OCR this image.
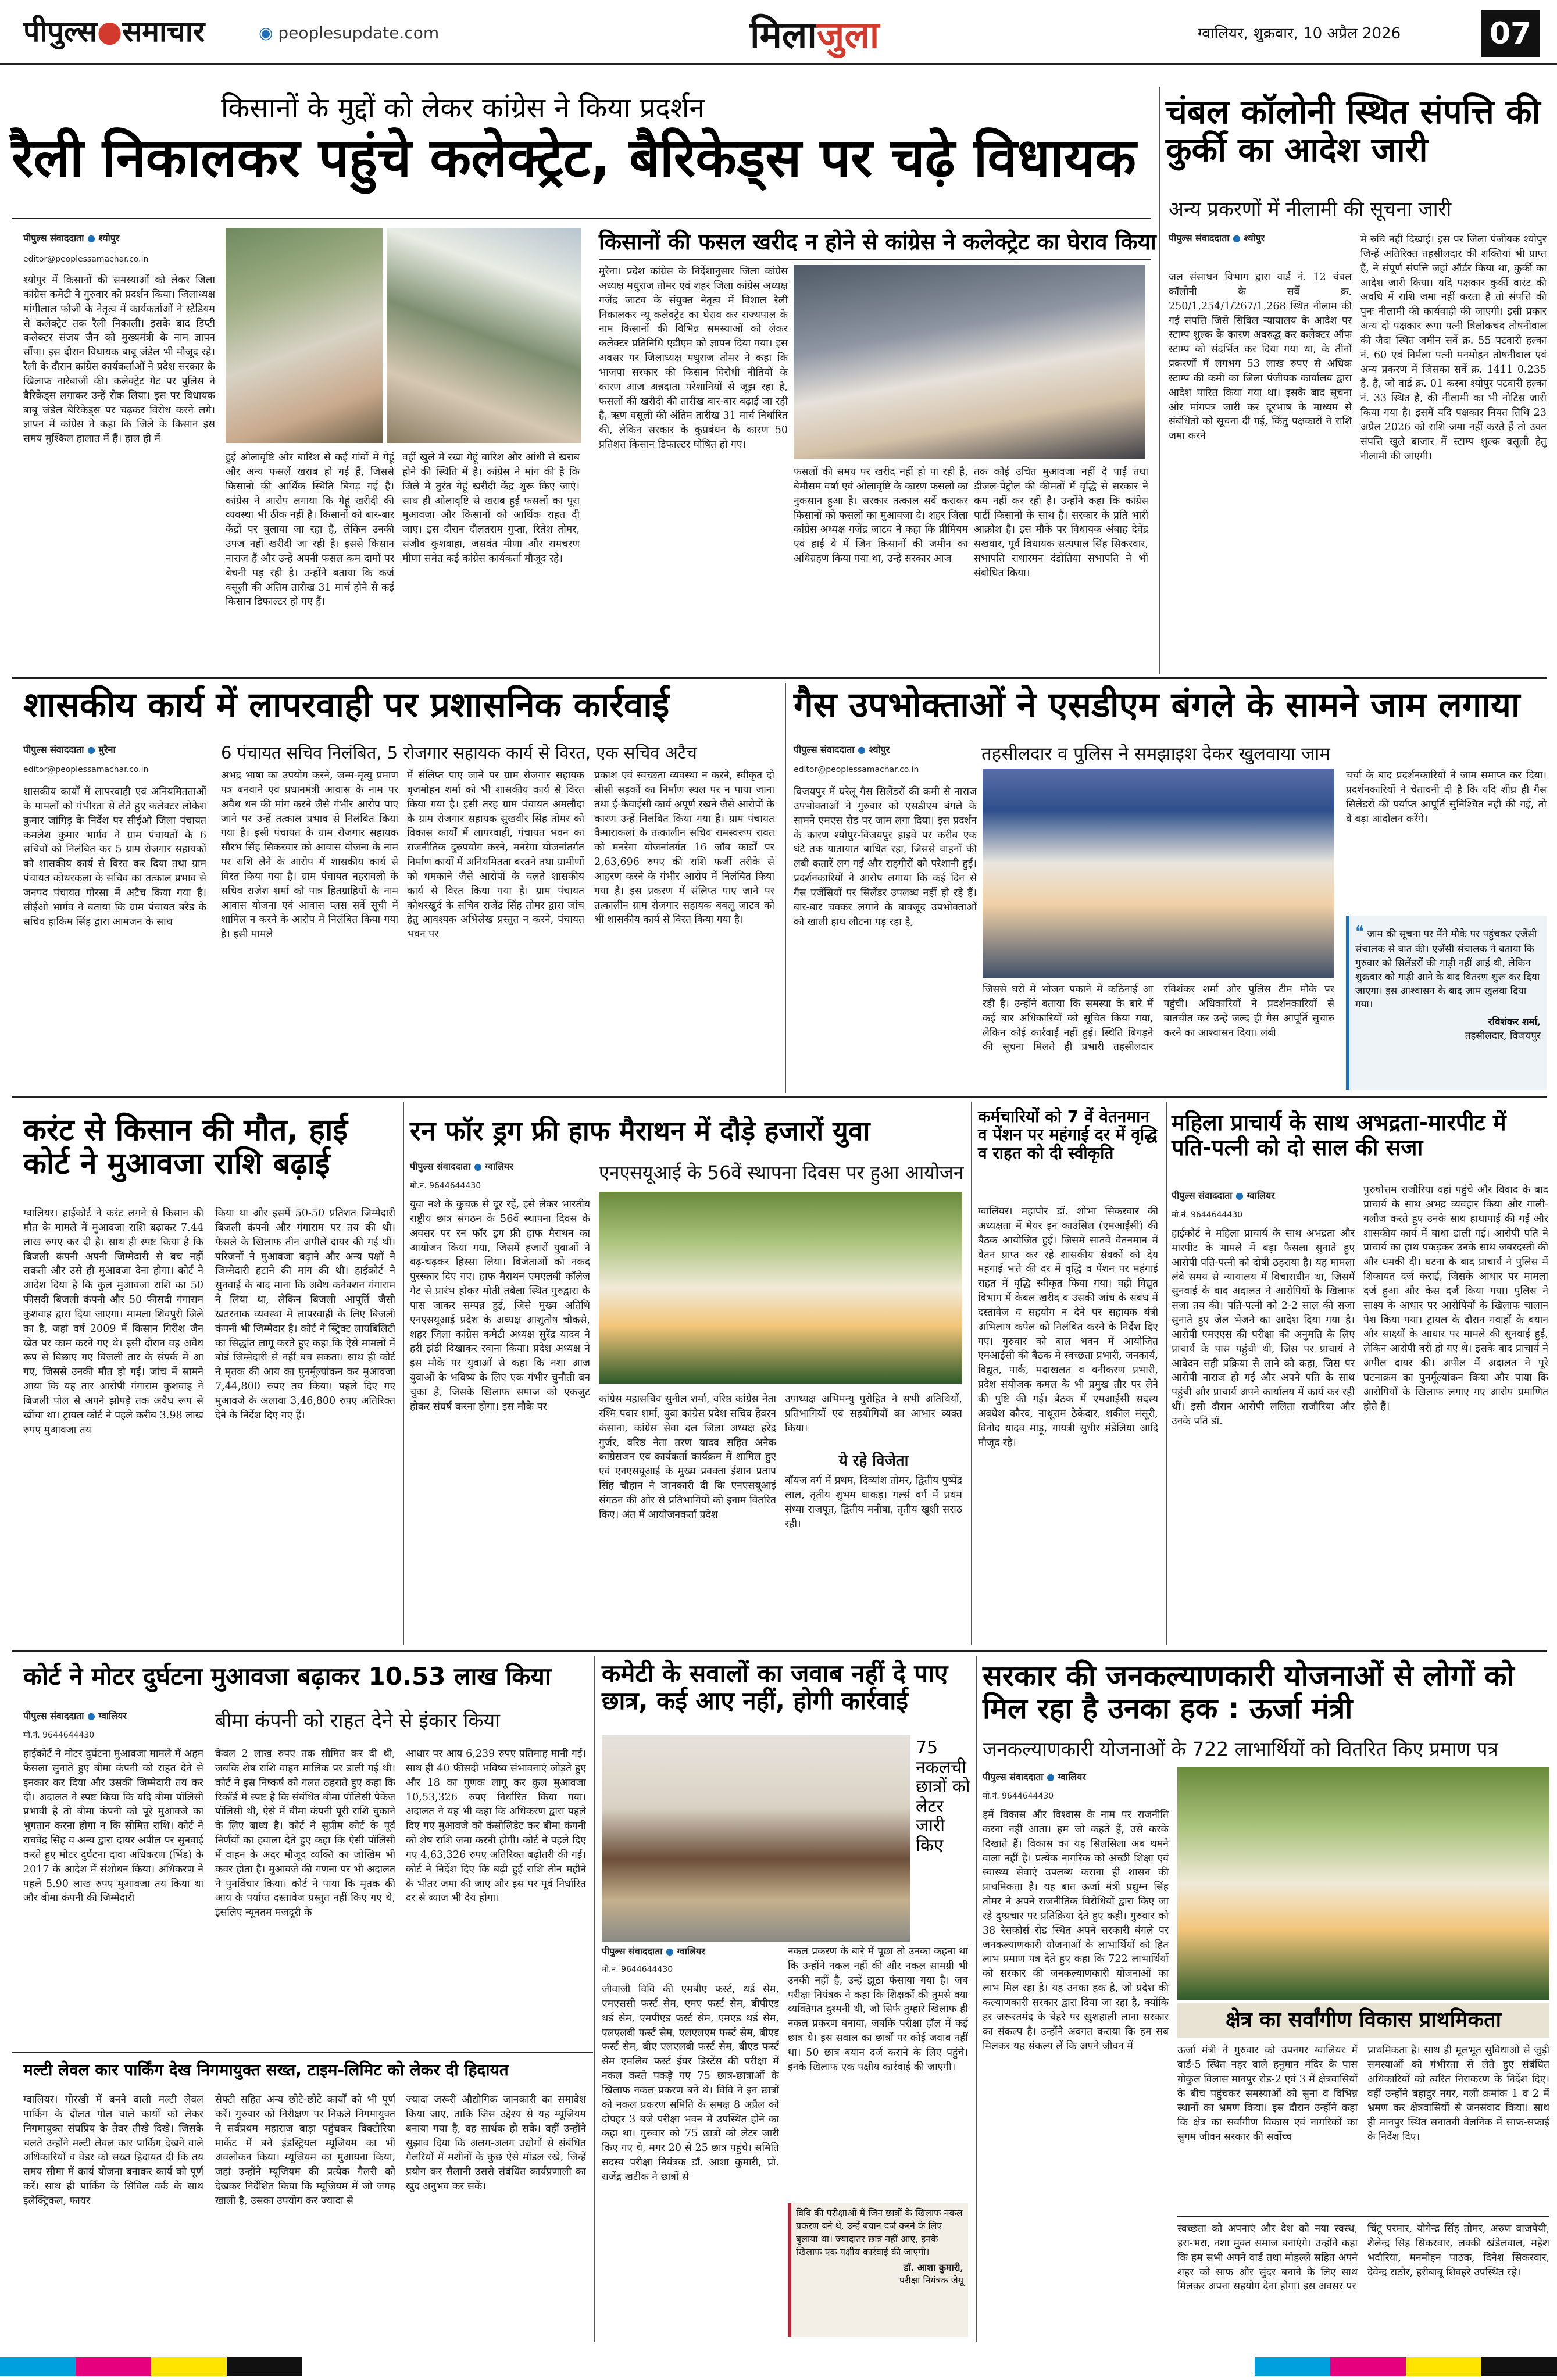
पीपुल्स●समाचार	◉ peoplesupdate.com	मिलाजुला	ग्वालियर, शुक्रवार, 10 अप्रैल 2026	07
किसानों के मुद्दों को लेकर कांग्रेस ने किया प्रदर्शन
रैली निकालकर पहुंचे कलेक्ट्रेट, बैरिकेड्स पर चढ़े विधायक
पीपुल्स संवाददाता ● श्योपुर
editor@peoplessamachar.co.in
श्योपुर में किसानों की समस्याओं को लेकर जिला कांग्रेस कमेटी ने गुरुवार को प्रदर्शन किया। जिलाध्यक्ष मांगीलाल फौजी के नेतृत्व में कार्यकर्ताओं ने स्टेडियम से कलेक्ट्रेट तक रैली निकाली। इसके बाद डिप्टी कलेक्टर संजय जैन को मुख्यमंत्री के नाम ज्ञापन सौंपा। इस दौरान विधायक बाबू जंडेल भी मौजूद रहे। रैली के दौरान कांग्रेस कार्यकर्ताओं ने प्रदेश सरकार के खिलाफ नारेबाजी की। कलेक्ट्रेट गेट पर पुलिस ने बैरिकेड्स लगाकर उन्हें रोक लिया। इस पर विधायक बाबू जंडेल बैरिकेड्स पर चढ़कर विरोध करने लगे। ज्ञापन में कांग्रेस ने कहा कि जिले के किसान इस समय मुश्किल हालात में हैं। हाल ही में
हुई ओलावृष्टि और बारिश से कई गांवों में गेहूं और अन्य फसलें खराब हो गई हैं, जिससे किसानों की आर्थिक स्थिति बिगड़ गई है। कांग्रेस ने आरोप लगाया कि गेहूं खरीदी की व्यवस्था भी ठीक नहीं है। किसानों को बार-बार केंद्रों पर बुलाया जा रहा है, लेकिन उनकी उपज नहीं खरीदी जा रही है। इससे किसान नाराज हैं और उन्हें अपनी फसल कम दामों पर बेचनी पड़ रही है। उन्होंने बताया कि कर्ज वसूली की अंतिम तारीख 31 मार्च होने से कई किसान डिफाल्टर हो गए हैं।
वहीं खुले में रखा गेहूं बारिश और आंधी से खराब होने की स्थिति में है। कांग्रेस ने मांग की है कि जिले में तुरंत गेहूं खरीदी केंद्र शुरू किए जाएं। साथ ही ओलावृष्टि से खराब हुई फसलों का पूरा मुआवजा और किसानों को आर्थिक राहत दी जाए। इस दौरान दौलतराम गुप्ता, रितेश तोमर, संजीव कुशवाहा, जसवंत मीणा और रामचरण मीणा समेत कई कांग्रेस कार्यकर्ता मौजूद रहे।
किसानों की फसल खरीद न होने से कांग्रेस ने कलेक्ट्रेट का घेराव किया
मुरैना। प्रदेश कांग्रेस के निर्देशानुसार जिला कांग्रेस अध्यक्ष मधुराज तोमर एवं शहर जिला कांग्रेस अध्यक्ष गजेंद्र जाटव के संयुक्त नेतृत्व में विशाल रैली निकालकर न्यू कलेक्ट्रेट का घेराव कर राज्यपाल के नाम किसानों की विभिन्न समस्याओं को लेकर कलेक्टर प्रतिनिधि एडीएम को ज्ञापन दिया गया। इस अवसर पर जिलाध्यक्ष मधुराज तोमर ने कहा कि भाजपा सरकार की किसान विरोधी नीतियों के कारण आज अन्नदाता परेशानियों से जूझ रहा है, फसलों की खरीदी की तारीख बार-बार बढ़ाई जा रही है, ऋण वसूली की अंतिम तारीख 31 मार्च निर्धारित की, लेकिन सरकार के कुप्रबंधन के कारण 50 प्रतिशत किसान डिफाल्टर घोषित हो गए।
फसलों की समय पर खरीद नहीं हो पा रही है, बेमौसम वर्षा एवं ओलावृष्टि के कारण फसलों का नुकसान हुआ है। सरकार तत्काल सर्वे कराकर किसानों को फसलों का मुआवजा दे। शहर जिला कांग्रेस अध्यक्ष गजेंद्र जाटव ने कहा कि प्रीमियम एवं हाई वे में जिन किसानों की जमीन का अधिग्रहण किया गया था, उन्हें सरकार आज
तक कोई उचित मुआवजा नहीं दे पाई तथा डीजल-पेट्रोल की कीमतों में वृद्धि से सरकार ने कम नहीं कर रही है। उन्होंने कहा कि कांग्रेस पार्टी किसानों के साथ है। सरकार के प्रति भारी आक्रोश है। इस मौके पर विधायक अंबाह देवेंद्र सखवार, पूर्व विधायक सत्यपाल सिंह सिकरवार, सभापति राधारमन दंडोतिया सभापति ने भी संबोधित किया।
चंबल कॉलोनी स्थित संपत्ति की कुर्की का आदेश जारी
अन्य प्रकरणों में नीलामी की सूचना जारी
पीपुल्स संवाददाता ● श्योपुर
जल संसाधन विभाग द्वारा वार्ड नं. 12 चंबल कॉलोनी के सर्वे क्र. 250/1,254/1/267/1,268 स्थित नीलाम की गई संपत्ति जिसे सिविल न्यायालय के आदेश पर स्टाम्प शुल्क के कारण अवरुद्ध कर कलेक्टर ऑफ स्टाम्प को संदर्भित कर दिया गया था, के तीनों प्रकरणों में लगभग 53 लाख रुपए से अधिक स्टाम्प की कमी का जिला पंजीयक कार्यालय द्वारा आदेश पारित किया गया था। इसके बाद सूचना और मांगपत्र जारी कर दूरभाष के माध्यम से संबंधितों को सूचना दी गई, किंतु पक्षकारों ने राशि जमा करने
में रुचि नहीं दिखाई। इस पर जिला पंजीयक श्योपुर जिन्हें अतिरिक्त तहसीलदार की शक्तियां भी प्राप्त हैं, ने संपूर्ण संपत्ति जहां ऑर्डर किया था, कुर्की का आदेश जारी किया। यदि पक्षकार कुर्की वारंट की अवधि में राशि जमा नहीं करता है तो संपत्ति की पुनः नीलामी की कार्यवाही की जाएगी। इसी प्रकार अन्य दो पक्षकार रूपा पत्नी त्रिलोकचंद तोषनीवाल की जैदा स्थित जमीन सर्वे क्र. 55 पटवारी हल्का नं. 60 एवं निर्मला पत्नी मनमोहन तोषनीवाल एवं अन्य प्रकरण में जिसका सर्वे क्र. 1411 0.235 है. है, जो वार्ड क्र. 01 कस्बा श्योपुर पटवारी हल्का नं. 33 स्थित है, की नीलामी का भी नोटिस जारी किया गया है। इसमें यदि पक्षकार नियत तिथि 23 अप्रैल 2026 को राशि जमा नहीं करते हैं तो उक्त संपत्ति खुले बाजार में स्टाम्प शुल्क वसूली हेतु नीलामी की जाएगी।
शासकीय कार्य में लापरवाही पर प्रशासनिक कार्रवाई
पीपुल्स संवाददाता ● मुरैना
editor@peoplessamachar.co.in
6 पंचायत सचिव निलंबित, 5 रोजगार सहायक कार्य से विरत, एक सचिव अटैच
शासकीय कार्यों में लापरवाही एवं अनियमितताओं के मामलों को गंभीरता से लेते हुए कलेक्टर लोकेश कुमार जांगिड़ के निर्देश पर सीईओ जिला पंचायत कमलेश कुमार भार्गव ने ग्राम पंचायतों के 6 सचिवों को निलंबित कर 5 ग्राम रोजगार सहायकों को शासकीय कार्य से विरत कर दिया तथा ग्राम पंचायत कोथरकला के सचिव का तत्काल प्रभाव से जनपद पंचायत पोरसा में अटैच किया गया है। सीईओ भार्गव ने बताया कि ग्राम पंचायत बरैंड के सचिव हाकिम सिंह द्वारा आमजन के साथ
अभद्र भाषा का उपयोग करने, जन्म-मृत्यु प्रमाण पत्र बनवाने एवं प्रधानमंत्री आवास के नाम पर अवैध धन की मांग करने जैसे गंभीर आरोप पाए जाने पर उन्हें तत्काल प्रभाव से निलंबित किया गया है। इसी पंचायत के ग्राम रोजगार सहायक सौरभ सिंह सिकरवार को आवास योजना के नाम पर राशि लेने के आरोप में शासकीय कार्य से विरत किया गया है। ग्राम पंचायत नहरावली के सचिव राजेश शर्मा को पात्र हितग्राहियों के नाम आवास योजना एवं आवास प्लस सर्वे सूची में शामिल न करने के आरोप में निलंबित किया गया है। इसी मामले
में संलिप्त पाए जाने पर ग्राम रोजगार सहायक बृजमोहन शर्मा को भी शासकीय कार्य से विरत किया गया है। इसी तरह ग्राम पंचायत अमलौदा के ग्राम रोजगार सहायक सुखवीर सिंह तोमर को विकास कार्यों में लापरवाही, पंचायत भवन का राजनीतिक दुरुपयोग करने, मनरेगा योजनांतर्गत निर्माण कार्यों में अनियमितता बरतने तथा ग्रामीणों को धमकाने जैसे आरोपों के चलते शासकीय कार्य से विरत किया गया है। ग्राम पंचायत कोथरखुर्द के सचिव राजेंद्र सिंह तोमर द्वारा जांच हेतु आवश्यक अभिलेख प्रस्तुत न करने, पंचायत भवन पर
प्रकाश एवं स्वच्छता व्यवस्था न करने, स्वीकृत दो सीसी सड़कों का निर्माण स्थल पर न पाया जाना तथा ई-केवाईसी कार्य अपूर्ण रखने जैसे आरोपों के कारण उन्हें निलंबित किया गया है। ग्राम पंचायत कैमाराकलां के तत्कालीन सचिव रामस्वरूप रावत को मनरेगा योजनांतर्गत 16 जॉब कार्डों पर 2,63,696 रुपए की राशि फर्जी तरीके से आहरण करने के गंभीर आरोप में निलंबित किया गया है। इस प्रकरण में संलिप्त पाए जाने पर तत्कालीन ग्राम रोजगार सहायक बबलू जाटव को भी शासकीय कार्य से विरत किया गया है।
गैस उपभोक्ताओं ने एसडीएम बंगले के सामने जाम लगाया
पीपुल्स संवाददाता ● श्योपुर
editor@peoplessamachar.co.in
तहसीलदार व पुलिस ने समझाइश देकर खुलवाया जाम
विजयपुर में घरेलू गैस सिलेंडरों की कमी से नाराज उपभोक्ताओं ने गुरुवार को एसडीएम बंगले के सामने एमएस रोड पर जाम लगा दिया। इस प्रदर्शन के कारण श्योपुर-विजयपुर हाइवे पर करीब एक घंटे तक यातायात बाधित रहा, जिससे वाहनों की लंबी कतारें लग गईं और राहगीरों को परेशानी हुई। प्रदर्शनकारियों ने आरोप लगाया कि कई दिन से गैस एजेंसियों पर सिलेंडर उपलब्ध नहीं हो रहे हैं। बार-बार चक्कर लगाने के बावजूद उपभोक्ताओं को खाली हाथ लौटना पड़ रहा है,
जिससे घरों में भोजन पकाने में कठिनाई आ रही है। उन्होंने बताया कि समस्या के बारे में कई बार अधिकारियों को सूचित किया गया, लेकिन कोई कार्रवाई नहीं हुई। स्थिति बिगड़ने की सूचना मिलते ही प्रभारी तहसीलदार रविशंकर शर्मा और पुलिस टीम मौके पर पहुंची। अधिकारियों ने प्रदर्शनकारियों से बातचीत कर उन्हें जल्द ही गैस आपूर्ति सुचारु करने का आश्वासन दिया। लंबी
चर्चा के बाद प्रदर्शनकारियों ने जाम समाप्त कर दिया। प्रदर्शनकारियों ने चेतावनी दी है कि यदि शीघ्र ही गैस सिलेंडरों की पर्याप्त आपूर्ति सुनिश्चित नहीं की गई, तो वे बड़ा आंदोलन करेंगे।
❝ जाम की सूचना पर मैंने मौके पर पहुंचकर एजेंसी संचालक से बात की। एजेंसी संचालक ने बताया कि गुरुवार को सिलेंडरों की गाड़ी नहीं आई थी, लेकिन शुक्रवार को गाड़ी आने के बाद वितरण शुरू कर दिया जाएगा। इस आश्वासन के बाद जाम खुलवा दिया गया।
रविशंकर शर्मा,
तहसीलदार, विजयपुर
करंट से किसान की मौत, हाई कोर्ट ने मुआवजा राशि बढ़ाई
ग्वालियर। हाईकोर्ट ने करंट लगने से किसान की मौत के मामले में मुआवजा राशि बढ़ाकर 7.44 लाख रुपए कर दी है। साथ ही स्पष्ट किया है कि बिजली कंपनी अपनी जिम्मेदारी से बच नहीं सकती और उसे ही मुआवजा देना होगा। कोर्ट ने आदेश दिया है कि कुल मुआवजा राशि का 50 फीसदी बिजली कंपनी और 50 फीसदी गंगाराम कुशवाह द्वारा दिया जाएगा। मामला शिवपुरी जिले का है, जहां वर्ष 2009 में किसान गिरीश जैन खेत पर काम करने गए थे। इसी दौरान वह अवैध रूप से बिछाए गए बिजली तार के संपर्क में आ गए, जिससे उनकी मौत हो गई। जांच में सामने आया कि यह तार आरोपी गंगाराम कुशवाह ने बिजली पोल से अपने झोपड़े तक अवैध रूप से खींचा था। ट्रायल कोर्ट ने पहले करीब 3.98 लाख रुपए मुआवजा तय
किया था और इसमें 50-50 प्रतिशत जिम्मेदारी बिजली कंपनी और गंगाराम पर तय की थी। फैसले के खिलाफ तीन अपीलें दायर की गई थीं। परिजनों ने मुआवजा बढ़ाने और अन्य पक्षों ने जिम्मेदारी हटाने की मांग की थी। हाईकोर्ट ने सुनवाई के बाद माना कि अवैध कनेक्शन गंगाराम ने लिया था, लेकिन बिजली आपूर्ति जैसी खतरनाक व्यवस्था में लापरवाही के लिए बिजली कंपनी भी जिम्मेदार है। कोर्ट ने स्ट्रिक्ट लायबिलिटी का सिद्धांत लागू करते हुए कहा कि ऐसे मामलों में बोर्ड जिम्मेदारी से नहीं बच सकता। साथ ही कोर्ट ने मृतक की आय का पुनर्मूल्यांकन कर मुआवजा 7,44,800 रुपए तय किया। पहले दिए गए मुआवजे के अलावा 3,46,800 रुपए अतिरिक्त देने के निर्देश दिए गए हैं।
रन फॉर ड्रग फ्री हाफ मैराथन में दौड़े हजारों युवा
पीपुल्स संवाददाता ● ग्वालियर
मो.नं. 9644644430
एनएसयूआई के 56वें स्थापना दिवस पर हुआ आयोजन
युवा नशे के कुचक्र से दूर रहें, इसे लेकर भारतीय राष्ट्रीय छात्र संगठन के 56वें स्थापना दिवस के अवसर पर रन फॉर ड्रग फ्री हाफ मैराथन का आयोजन किया गया, जिसमें हजारों युवाओं ने बढ़-चढ़कर हिस्सा लिया। विजेताओं को नकद पुरस्कार दिए गए। हाफ मैराथन एमएलबी कॉलेज गेट से प्रारंभ होकर मोती तबेला स्थित गुरुद्वारा के पास जाकर सम्पन्न हुई, जिसे मुख्य अतिथि एनएसयूआई प्रदेश के अध्यक्ष आशुतोष चौकसे, शहर जिला कांग्रेस कमेटी अध्यक्ष सुरेंद्र यादव ने हरी झंडी दिखाकर रवाना किया। प्रदेश अध्यक्ष ने इस मौके पर युवाओं से कहा कि नशा आज युवाओं के भविष्य के लिए एक गंभीर चुनौती बन चुका है, जिसके खिलाफ समाज को एकजुट होकर संघर्ष करना होगा। इस मौके पर
कांग्रेस महासचिव सुनील शर्मा, वरिष्ठ कांग्रेस नेता रश्मि पवार शर्मा, युवा कांग्रेस प्रदेश सचिव हेवरन कंसाना, कांग्रेस सेवा दल जिला अध्यक्ष हरेंद्र गुर्जर, वरिष्ठ नेता तरण यादव सहित अनेक कांग्रेसजन एवं कार्यकर्ता कार्यक्रम में शामिल हुए एवं एनएसयूआई के मुख्य प्रवक्ता ईशान प्रताप सिंह चौहान ने जानकारी दी कि एनएसयूआई संगठन की ओर से प्रतिभागियों को इनाम वितरित किए। अंत में आयोजनकर्ता प्रदेश
उपाध्यक्ष अभिमन्यु पुरोहित ने सभी अतिथियों, प्रतिभागियों एवं सहयोगियों का आभार व्यक्त किया।
ये रहे विजेता
बॉयज वर्ग में प्रथम, दिव्यांश तोमर, द्वितीय पुष्पेंद्र लाल, तृतीय शुभम धाकड़। गर्ल्स वर्ग में प्रथम संध्या राजपूत, द्वितीय मनीषा, तृतीय खुशी सराठ रही।
कर्मचारियों को 7 वें वेतनमान व पेंशन पर महंगाई दर में वृद्धि व राहत को दी स्वीकृति
ग्वालियर। महापौर डॉ. शोभा सिकरवार की अध्यक्षता में मेयर इन काउंसिल (एमआईसी) की बैठक आयोजित हुई। जिसमें सातवें वेतनमान में वेतन प्राप्त कर रहे शासकीय सेवकों को देय महंगाई भत्ते की दर में वृद्धि व पेंशन पर महंगाई राहत में वृद्धि स्वीकृत किया गया। वहीं विद्युत विभाग में केबल खरीद व उसकी जांच के संबंध में दस्तावेज व सहयोग न देने पर सहायक यंत्री अभिलाष कपेल को निलंबित करने के निर्देश दिए गए। गुरुवार को बाल भवन में आयोजित एमआईसी की बैठक में स्वच्छता प्रभारी, जनकार्य, विद्युत, पार्क, मदाखलत व वनीकरण प्रभारी, प्रदेश संयोजक कमल के भी प्रमुख तौर पर लेने की पुष्टि की गई। बैठक में एमआईसी सदस्य अवधेश कौरव, नाथूराम ठेकेदार, शकील मंसूरी, विनोद यादव माड़ू, गायत्री सुधीर मंडेलिया आदि मौजूद रहे।
महिला प्राचार्य के साथ अभद्रता-मारपीट में पति-पत्नी को दो साल की सजा
पीपुल्स संवाददाता ● ग्वालियर
मो.नं. 9644644430
हाईकोर्ट ने महिला प्राचार्य के साथ अभद्रता और मारपीट के मामले में बड़ा फैसला सुनाते हुए आरोपी पति-पत्नी को दोषी ठहराया है। यह मामला लंबे समय से न्यायालय में विचाराधीन था, जिसमें सुनवाई के बाद अदालत ने आरोपियों के खिलाफ सजा तय की। पति-पत्नी को 2-2 साल की सजा सुनाते हुए जेल भेजने का आदेश दिया गया है। आरोपी एमएएस की परीक्षा की अनुमति के लिए प्राचार्य के पास पहुंची थी, जिस पर प्राचार्य ने आवेदन सही प्रक्रिया से लाने को कहा, जिस पर आरोपी नाराज हो गई और अपने पति के साथ पहुंची और प्राचार्य अपने कार्यालय में कार्य कर रही थीं। इसी दौरान आरोपी ललिता राजौरिया और उनके पति डॉ.
पुरुषोत्तम राजौरिया वहां पहुंचे और विवाद के बाद प्राचार्य के साथ अभद्र व्यवहार किया और गाली-गलौज करते हुए उनके साथ हाथापाई की गई और शासकीय कार्य में बाधा डाली गई। आरोपी पति ने प्राचार्य का हाथ पकड़कर उनके साथ जबरदस्ती की और धमकी दी। घटना के बाद प्राचार्य ने पुलिस में शिकायत दर्ज कराई, जिसके आधार पर मामला दर्ज हुआ और केस दर्ज किया गया। पुलिस ने साक्ष्य के आधार पर आरोपियों के खिलाफ चालान पेश किया गया। ट्रायल के दौरान गवाहों के बयान और साक्ष्यों के आधार पर मामले की सुनवाई हुई, लेकिन आरोपी बरी हो गए थे। इसके बाद प्राचार्य ने अपील दायर की। अपील में अदालत ने पूरे घटनाक्रम का पुनर्मूल्यांकन किया और पाया कि आरोपियों के खिलाफ लगाए गए आरोप प्रमाणित होते हैं।
कोर्ट ने मोटर दुर्घटना मुआवजा बढ़ाकर 10.53 लाख किया
पीपुल्स संवाददाता ● ग्वालियर
मो.नं. 9644644430
बीमा कंपनी को राहत देने से इंकार किया
हाईकोर्ट ने मोटर दुर्घटना मुआवजा मामले में अहम फैसला सुनाते हुए बीमा कंपनी को राहत देने से इनकार कर दिया और उसकी जिम्मेदारी तय कर दी। अदालत ने स्पष्ट किया कि यदि बीमा पॉलिसी प्रभावी है तो बीमा कंपनी को पूरे मुआवजे का भुगतान करना होगा न कि सीमित राशि। कोर्ट ने राघवेंद्र सिंह व अन्य द्वारा दायर अपील पर सुनवाई करते हुए मोटर दुर्घटना दावा अधिकरण (भिंड) के 2017 के आदेश में संशोधन किया। अधिकरण ने पहले 5.90 लाख रुपए मुआवजा तय किया था और बीमा कंपनी की जिम्मेदारी
केवल 2 लाख रुपए तक सीमित कर दी थी, जबकि शेष राशि वाहन मालिक पर डाली गई थी। कोर्ट ने इस निष्कर्ष को गलत ठहराते हुए कहा कि रिकॉर्ड में स्पष्ट है कि संबंधित बीमा पॉलिसी पैकेज पॉलिसी थी, ऐसे में बीमा कंपनी पूरी राशि चुकाने के लिए बाध्य है। कोर्ट ने सुप्रीम कोर्ट के पूर्व निर्णयों का हवाला देते हुए कहा कि ऐसी पॉलिसी में वाहन के अंदर मौजूद व्यक्ति का जोखिम भी कवर होता है। मुआवजे की गणना पर भी अदालत ने पुनर्विचार किया। कोर्ट ने पाया कि मृतक की आय के पर्याप्त दस्तावेज प्रस्तुत नहीं किए गए थे, इसलिए न्यूनतम मजदूरी के
आधार पर आय 6,239 रुपए प्रतिमाह मानी गई। साथ ही 40 फीसदी भविष्य संभावनाएं जोड़ते हुए और 18 का गुणक लागू कर कुल मुआवजा 10,53,326 रुपए निर्धारित किया गया। अदालत ने यह भी कहा कि अधिकरण द्वारा पहले दिए गए मुआवजे को कंसोलिडेट कर बीमा कंपनी को शेष राशि जमा करनी होगी। कोर्ट ने पहले दिए गए 4,63,326 रुपए अतिरिक्त बढ़ोतरी की गई। कोर्ट ने निर्देश दिए कि बढ़ी हुई राशि तीन महीने के भीतर जमा की जाए और इस पर पूर्व निर्धारित दर से ब्याज भी देय होगा।
मल्टी लेवल कार पार्किंग देख निगमायुक्त सख्त, टाइम-लिमिट को लेकर दी हिदायत
ग्वालियर। गोरखी में बनने वाली मल्टी लेवल पार्किंग के दौलत पोल वाले कार्यों को लेकर निगमायुक्त संघप्रिय के तेवर तीखे दिखे। जिसके चलते उन्होंने मल्टी लेवल कार पार्किंग देखने वाले अधिकारियों व वेंडर को सख्त हिदायत दी कि तय समय सीमा में कार्य योजना बनाकर कार्य को पूर्ण करें। साथ ही पार्किंग के सिविल वर्क के साथ इलेक्ट्रिकल, फायर
सेफ्टी सहित अन्य छोटे-छोटे कार्यों को भी पूर्ण करें। गुरुवार को निरीक्षण पर निकले निगमायुक्त ने सर्वप्रथम महाराज बाड़ा पहुंचकर विक्टोरिया मार्केट में बने इंडस्ट्रियल म्यूजियम का भी अवलोकन किया। म्यूजियम का मुआयना किया, जहां उन्होंने म्यूजियम की प्रत्येक गैलरी को देखकर निर्देशित किया कि म्यूजियम में जो जगह खाली है, उसका उपयोग कर ज्यादा से
ज्यादा जरूरी औद्योगिक जानकारी का समावेश किया जाए, ताकि जिस उद्देश्य से यह म्यूजियम बनाया गया है, वह सार्थक हो सके। वहीं उन्होंने सुझाव दिया कि अलग-अलग उद्योगों से संबंधित गैलरियों में मशीनों के कुछ ऐसे मॉडल रखे, जिन्हें प्रयोग कर सैलानी उससे संबंधित कार्यप्रणाली का खुद अनुभव कर सकें।
कमेटी के सवालों का जवाब नहीं दे पाए छात्र, कई आए नहीं, होगी कार्रवाई
75 नकलची छात्रों को लेटर जारी किए
पीपुल्स संवाददाता ● ग्वालियर
मो.नं. 9644644430
जीवाजी विवि की एमबीए फर्स्ट, थर्ड सेम, एमएससी फर्स्ट सेम, एमए फर्स्ट सेम, बीपीएड थर्ड सेम, एमपीएड फर्स्ट सेम, एमएड थर्ड सेम, एलएलबी फर्स्ट सेम, एलएलएम फर्स्ट सेम, बीएड फर्स्ट सेम, बीए एलएलबी फर्स्ट सेम, बीएड फर्स्ट सेम एमलिब फर्स्ट ईयर डिस्टेंस की परीक्षा में नकल करते पकड़े गए 75 छात्र-छात्राओं के खिलाफ नकल प्रकरण बने थे। विवि ने इन छात्रों को नकल प्रकरण समिति के समक्ष 8 अप्रैल को दोपहर 3 बजे परीक्षा भवन में उपस्थित होने का कहा था। गुरुवार को 75 छात्रों को लेटर जारी किए गए थे, मगर 20 से 25 छात्र पहुंचे। समिति सदस्य परीक्षा नियंत्रक डॉ. आशा कुमारी, प्रो. राजेंद्र खटीक ने छात्रों से
नकल प्रकरण के बारे में पूछा तो उनका कहना था कि उन्होंने नकल नहीं की और नकल सामग्री भी उनकी नहीं है, उन्हें झूठा फंसाया गया है। जब परीक्षा नियंत्रक ने कहा कि शिक्षकों की तुमसे क्या व्यक्तिगत दुश्मनी थी, जो सिर्फ तुम्हारे खिलाफ ही नकल प्रकरण बनाया, जबकि परीक्षा हॉल में कई छात्र थे। इस सवाल का छात्रों पर कोई जवाब नहीं था। 50 छात्र बयान दर्ज कराने के लिए पहुंचे। इनके खिलाफ एक पक्षीय कार्रवाई की जाएगी।
विवि की परीक्षाओं में जिन छात्रों के खिलाफ नकल प्रकरण बने थे, उन्हें बयान दर्ज करने के लिए बुलाया था। ज्यादातर छात्र नहीं आए, इनके खिलाफ एक पक्षीय कार्रवाई की जाएगी।
डॉ. आशा कुमारी,
परीक्षा नियंत्रक जेयू
सरकार की जनकल्याणकारी योजनाओं से लोगों को मिल रहा है उनका हक : ऊर्जा मंत्री
जनकल्याणकारी योजनाओं के 722 लाभार्थियों को वितरित किए प्रमाण पत्र
पीपुल्स संवाददाता ● ग्वालियर
मो.नं. 9644644430
हमें विकास और विश्वास के नाम पर राजनीति करना नहीं आता। हम जो कहते हैं, उसे करके दिखाते हैं। विकास का यह सिलसिला अब थमने वाला नहीं है। प्रत्येक नागरिक को अच्छी शिक्षा एवं स्वास्थ्य सेवाएं उपलब्ध कराना ही शासन की प्राथमिकता है। यह बात ऊर्जा मंत्री प्रद्युम्न सिंह तोमर ने अपने राजनीतिक विरोधियों द्वारा किए जा रहे दुष्प्रचार पर प्रतिक्रिया देते हुए कही। गुरुवार को 38 रेसकोर्स रोड स्थित अपने सरकारी बंगले पर जनकल्याणकारी योजनाओं के लाभार्थियों को हित लाभ प्रमाण पत्र देते हुए कहा कि 722 लाभार्थियों को सरकार की जनकल्याणकारी योजनाओं का लाभ मिल रहा है। यह उनका हक है, जो प्रदेश की कल्याणकारी सरकार द्वारा दिया जा रहा है, क्योंकि हर जरूरतमंद के चेहरे पर खुशहाली लाना सरकार का संकल्प है। उन्होंने अवगत कराया कि हम सब मिलकर यह संकल्प लें कि अपने जीवन में
क्षेत्र का सर्वांगीण विकास प्राथमिकता
ऊर्जा मंत्री ने गुरुवार को उपनगर ग्वालियर में वार्ड-5 स्थित नहर वाले हनुमान मंदिर के पास गोकुल विलास मानपुर रोड-2 एवं 3 में क्षेत्रवासियों के बीच पहुंचकर समस्याओं को सुना व विभिन्न स्थानों का भ्रमण किया। इस दौरान उन्होंने कहा कि क्षेत्र का सर्वांगीण विकास एवं नागरिकों का सुगम जीवन सरकार की सर्वोच्च
प्राथमिकता है। साथ ही मूलभूत सुविधाओं से जुड़ी समस्याओं को गंभीरता से लेते हुए संबंधित अधिकारियों को त्वरित निराकरण के निर्देश दिए। वहीं उन्होंने बहादुर नगर, गली क्रमांक 1 व 2 में भ्रमण कर क्षेत्रवासियों से जनसंवाद किया। साथ ही मानपुर स्थित सनातनी वेलनिक में साफ-सफाई के निर्देश दिए।
स्वच्छता को अपनाएं और देश को नया स्वस्थ, हरा-भरा, नशा मुक्त समाज बनाएंगे। उन्होंने कहा कि हम सभी अपने वार्ड तथा मोहल्ले सहित अपने शहर को साफ और सुंदर बनाने के लिए साथ मिलकर अपना सहयोग देना होगा। इस अवसर पर
चिंटू परमार, योगेन्द्र सिंह तोमर, अरुण वाजपेयी, शैलेन्द्र सिंह सिकरवार, लक्की खंडेलवाल, महेश भदौरिया, मनमोहन पाठक, दिनेश सिकरवार, देवेन्द्र राठौर, हरीबाबू शिवहरे उपस्थित रहे।
